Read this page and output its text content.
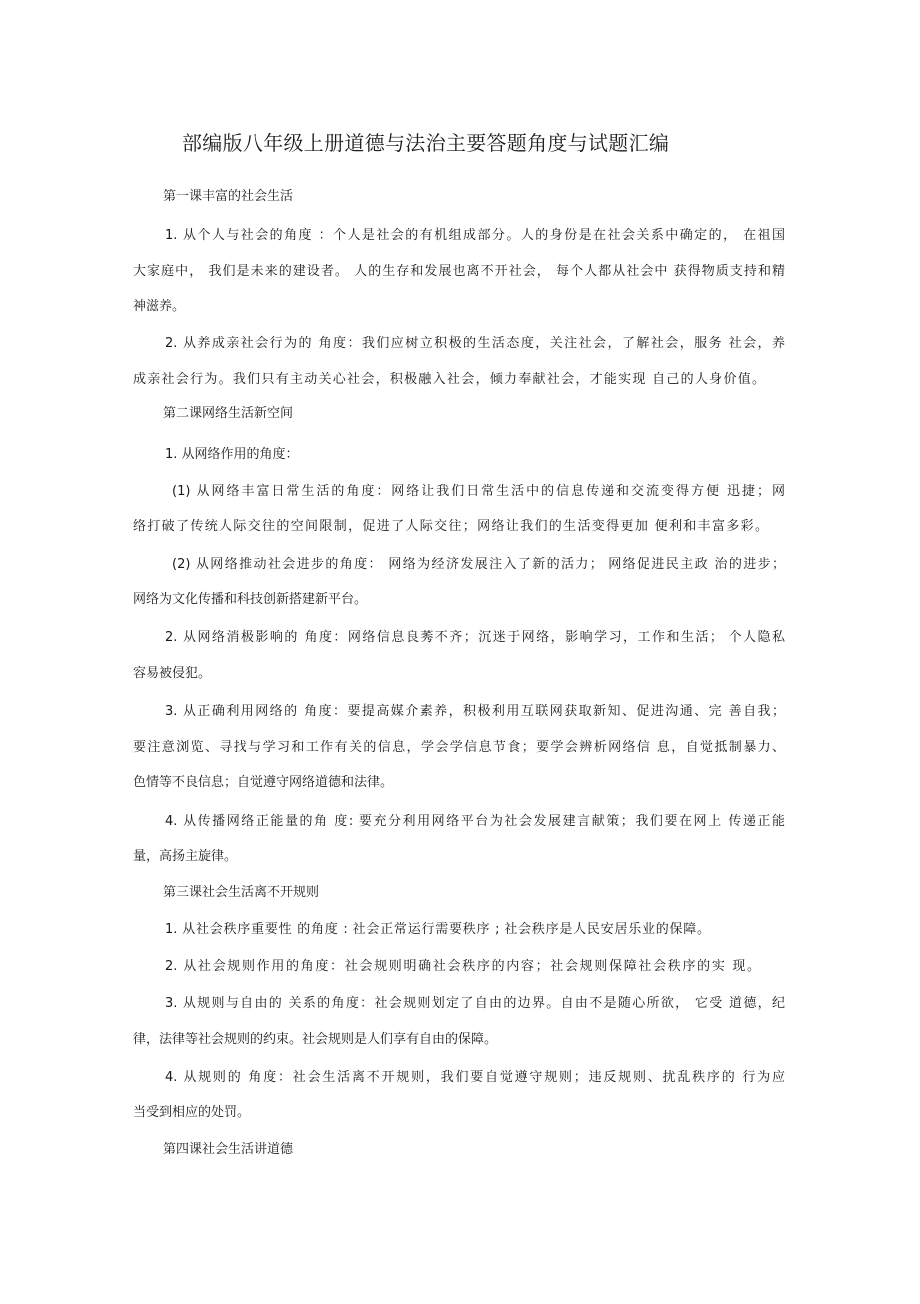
部编版八年级上册道德与法治主要答题角度与试题汇编
第一课丰富的社会生活
1. 从个人与社会的角度 ：个人是社会的有机组成部分。人的身份是在社会关系中确定的， 在祖国
大家庭中， 我们是未来的建设者。 人的生存和发展也离不开社会， 每个人都从社会中 获得物质支持和精
神滋养。
2. 从养成亲社会行为的 角度：我们应树立积极的生活态度，关注社会，了解社会，服务 社会，养
成亲社会行为。我们只有主动关心社会，积极融入社会，倾力奉献社会，才能实现 自己的人身价值。
第二课网络生活新空间
1. 从网络作用的角度：
(1) 从网络丰富日常生活的角度：网络让我们日常生活中的信息传递和交流变得方便 迅捷；网
络打破了传统人际交往的空间限制，促进了人际交往；网络让我们的生活变得更加 便利和丰富多彩。
(2) 从网络推动社会进步的角度： 网络为经济发展注入了新的活力； 网络促进民主政 治的进步；
网络为文化传播和科技创新搭建新平台。
2. 从网络消极影响的 角度：网络信息良莠不齐；沉迷于网络，影响学习，工作和生活； 个人隐私
容易被侵犯。
3. 从正确利用网络的 角度：要提高媒介素养，积极利用互联网获取新知、促进沟通、完 善自我；
要注意浏览、寻找与学习和工作有关的信息，学会学信息节食；要学会辨析网络信 息，自觉抵制暴力、
色情等不良信息；自觉遵守网络道德和法律。
4. 从传播网络正能量的角 度: 要充分利用网络平台为社会发展建言献策；我们要在网上 传递正能
量，高扬主旋律。
第三课社会生活离不开规则
1. 从社会秩序重要性 的角度 : 社会正常运行需要秩序 ; 社会秩序是人民安居乐业的保障。
2. 从社会规则作用的角度：社会规则明确社会秩序的内容；社会规则保障社会秩序的实 现。
3. 从规则与自由的 关系的角度：社会规则划定了自由的边界。自由不是随心所欲， 它受 道德，纪
律，法律等社会规则的约束。社会规则是人们享有自由的保障。
4. 从规则的 角度：社会生活离不开规则，我们要自觉遵守规则；违反规则、扰乱秩序的 行为应
当受到相应的处罚。
第四课社会生活讲道德
